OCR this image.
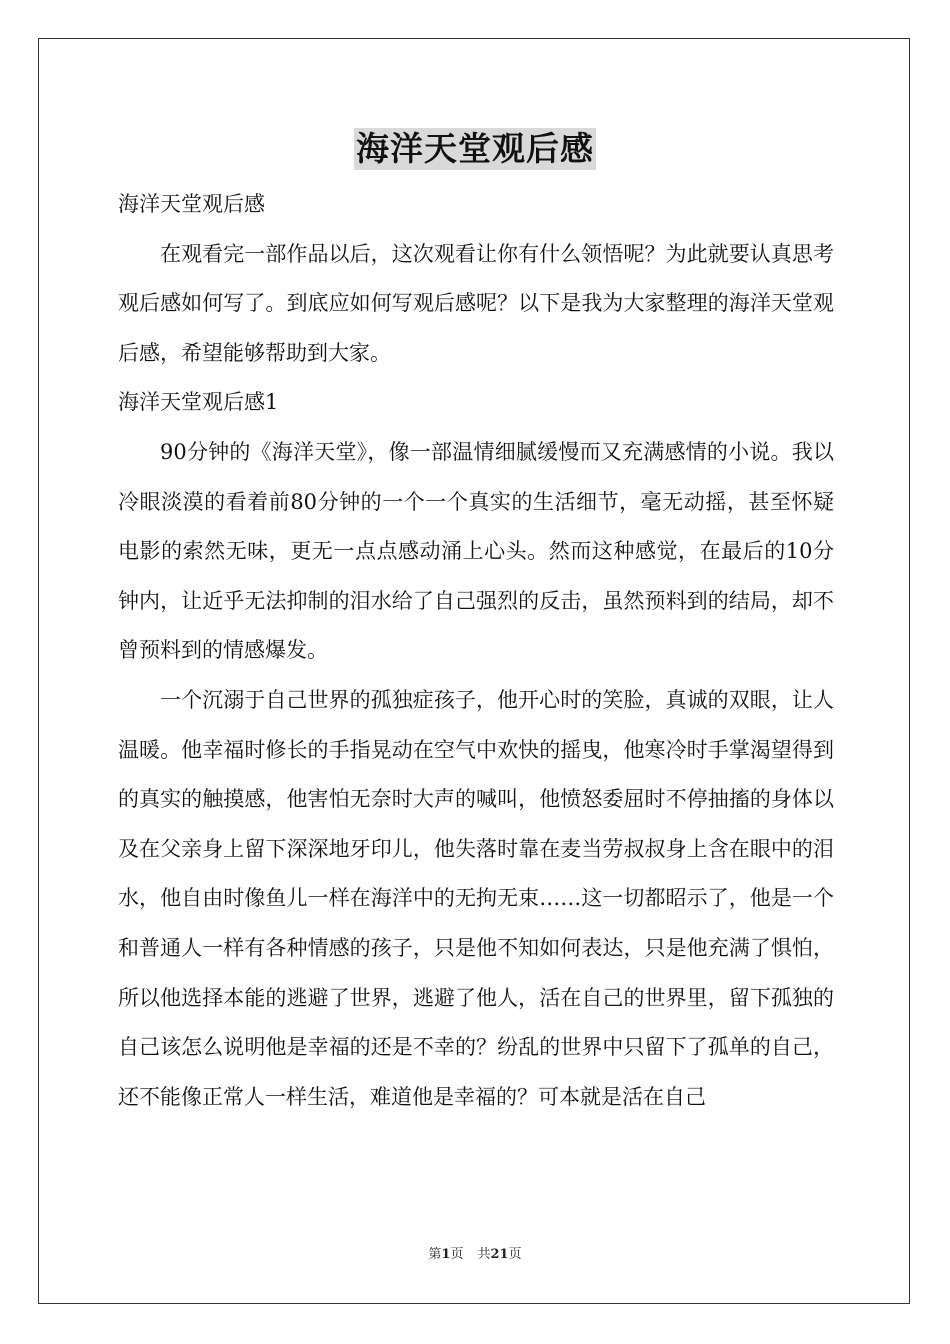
海洋天堂观后感

海洋天堂观后感

在观看完一部作品以后，这次观看让你有什么领悟呢？为此就要认真思考观后感如何写了。到底应如何写观后感呢？以下是我为大家整理的海洋天堂观后感，希望能够帮助到大家。

海洋天堂观后感1

90分钟的《海洋天堂》，像一部温情细腻缓慢而又充满感情的小说。我以冷眼淡漠的看着前80分钟的一个一个真实的生活细节，毫无动摇，甚至怀疑电影的索然无味，更无一点点感动涌上心头。然而这种感觉，在最后的10分钟内，让近乎无法抑制的泪水给了自己强烈的反击，虽然预料到的结局，却不曾预料到的情感爆发。

一个沉溺于自己世界的孤独症孩子，他开心时的笑脸，真诚的双眼，让人温暖。他幸福时修长的手指晃动在空气中欢快的摇曳，他寒冷时手掌渴望得到的真实的触摸感，他害怕无奈时大声的喊叫，他愤怒委屈时不停抽搐的身体以及在父亲身上留下深深地牙印儿，他失落时靠在麦当劳叔叔身上含在眼中的泪水，他自由时像鱼儿一样在海洋中的无拘无束……这一切都昭示了，他是一个和普通人一样有各种情感的孩子，只是他不知如何表达，只是他充满了惧怕，所以他选择本能的逃避了世界，逃避了他人，活在自己的世界里，留下孤独的自己该怎么说明他是幸福的还是不幸的？纷乱的世界中只留下了孤单的自己，还不能像正常人一样生活，难道他是幸福的？可本就是活在自己

第1页 共21页
